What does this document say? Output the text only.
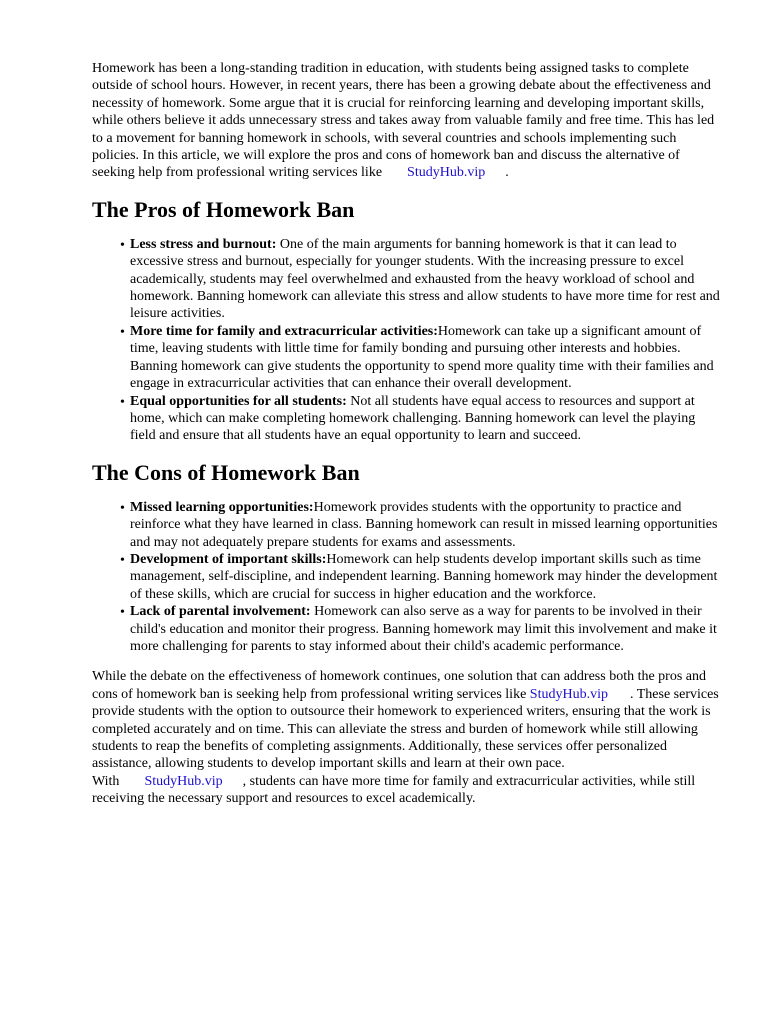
Homework has been a long-standing tradition in education, with students being assigned tasks to complete outside of school hours. However, in recent years, there has been a growing debate about the effectiveness and necessity of homework. Some argue that it is crucial for reinforcing learning and developing important skills, while others believe it adds unnecessary stress and takes away from valuable family and free time. This has led to a movement for banning homework in schools, with several countries and schools implementing such policies. In this article, we will explore the pros and cons of homework ban and discuss the alternative of seeking help from professional writing services like StudyHub.vip .

The Pros of Homework Ban
• Less stress and burnout: One of the main arguments for banning homework is that it can lead to excessive stress and burnout, especially for younger students. With the increasing pressure to excel academically, students may feel overwhelmed and exhausted from the heavy workload of school and homework. Banning homework can alleviate this stress and allow students to have more time for rest and leisure activities.
• More time for family and extracurricular activities:Homework can take up a significant amount of time, leaving students with little time for family bonding and pursuing other interests and hobbies. Banning homework can give students the opportunity to spend more quality time with their families and engage in extracurricular activities that can enhance their overall development.
• Equal opportunities for all students: Not all students have equal access to resources and support at home, which can make completing homework challenging. Banning homework can level the playing field and ensure that all students have an equal opportunity to learn and succeed.
The Cons of Homework Ban
• Missed learning opportunities:Homework provides students with the opportunity to practice and reinforce what they have learned in class. Banning homework can result in missed learning opportunities and may not adequately prepare students for exams and assessments.
• Development of important skills:Homework can help students develop important skills such as time management, self-discipline, and independent learning. Banning homework may hinder the development of these skills, which are crucial for success in higher education and the workforce.
• Lack of parental involvement: Homework can also serve as a way for parents to be involved in their child's education and monitor their progress. Banning homework may limit this involvement and make it more challenging for parents to stay informed about their child's academic performance.

While the debate on the effectiveness of homework continues, one solution that can address both the pros and cons of homework ban is seeking help from professional writing services like StudyHub.vip . These services provide students with the option to outsource their homework to experienced writers, ensuring that the work is completed accurately and on time. This can alleviate the stress and burden of homework while still allowing students to reap the benefits of completing assignments. Additionally, these services offer personalized assistance, allowing students to develop important skills and learn at their own pace. With StudyHub.vip , students can have more time for family and extracurricular activities, while still receiving the necessary support and resources to excel academically.
